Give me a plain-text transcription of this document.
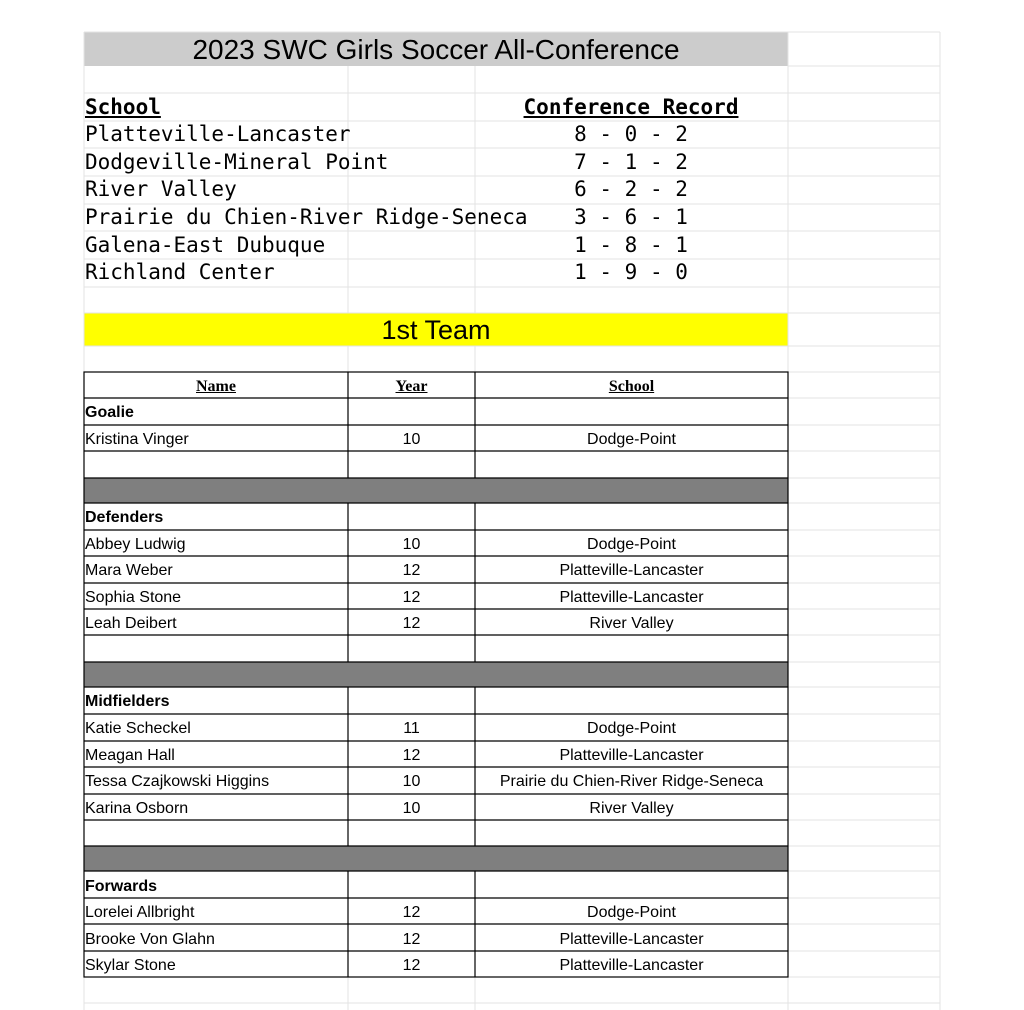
2023 SWC Girls Soccer All-Conference
School	Conference Record
Platteville-Lancaster	8 - 0 - 2
Dodgeville-Mineral Point	7 - 1 - 2
River Valley	6 - 2 - 2
Prairie du Chien-River Ridge-Seneca	3 - 6 - 1
Galena-East Dubuque	1 - 8 - 1
Richland Center	1 - 9 - 0
1st Team
Name	Year	School
Goalie
Kristina Vinger	10	Dodge-Point
Defenders
Abbey Ludwig	10	Dodge-Point
Mara Weber	12	Platteville-Lancaster
Sophia Stone	12	Platteville-Lancaster
Leah Deibert	12	River Valley
Midfielders
Katie Scheckel	11	Dodge-Point
Meagan Hall	12	Platteville-Lancaster
Tessa Czajkowski Higgins	10	Prairie du Chien-River Ridge-Seneca
Karina Osborn	10	River Valley
Forwards
Lorelei Allbright	12	Dodge-Point
Brooke Von Glahn	12	Platteville-Lancaster
Skylar Stone	12	Platteville-Lancaster
